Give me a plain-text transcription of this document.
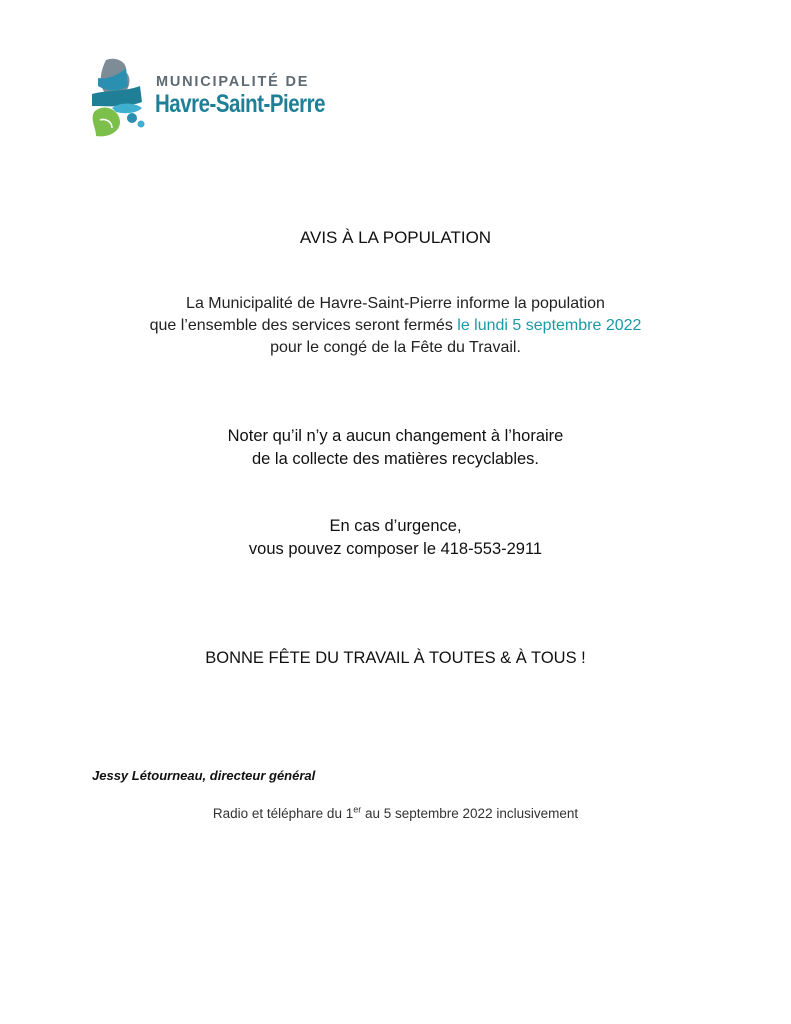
MUNICIPALITÉ DE
Havre-Saint-Pierre
AVIS À LA POPULATION
La Municipalité de Havre-Saint-Pierre informe la population
que l’ensemble des services seront fermés le lundi 5 septembre 2022
pour le congé de la Fête du Travail.
Noter qu’il n’y a aucun changement à l’horaire
de la collecte des matières recyclables.
En cas d’urgence,
vous pouvez composer le 418-553-2911
BONNE FÊTE DU TRAVAIL À TOUTES & À TOUS !
Jessy Létourneau, directeur général
Radio et télépharе du 1er au 5 septembre 2022 inclusivement
